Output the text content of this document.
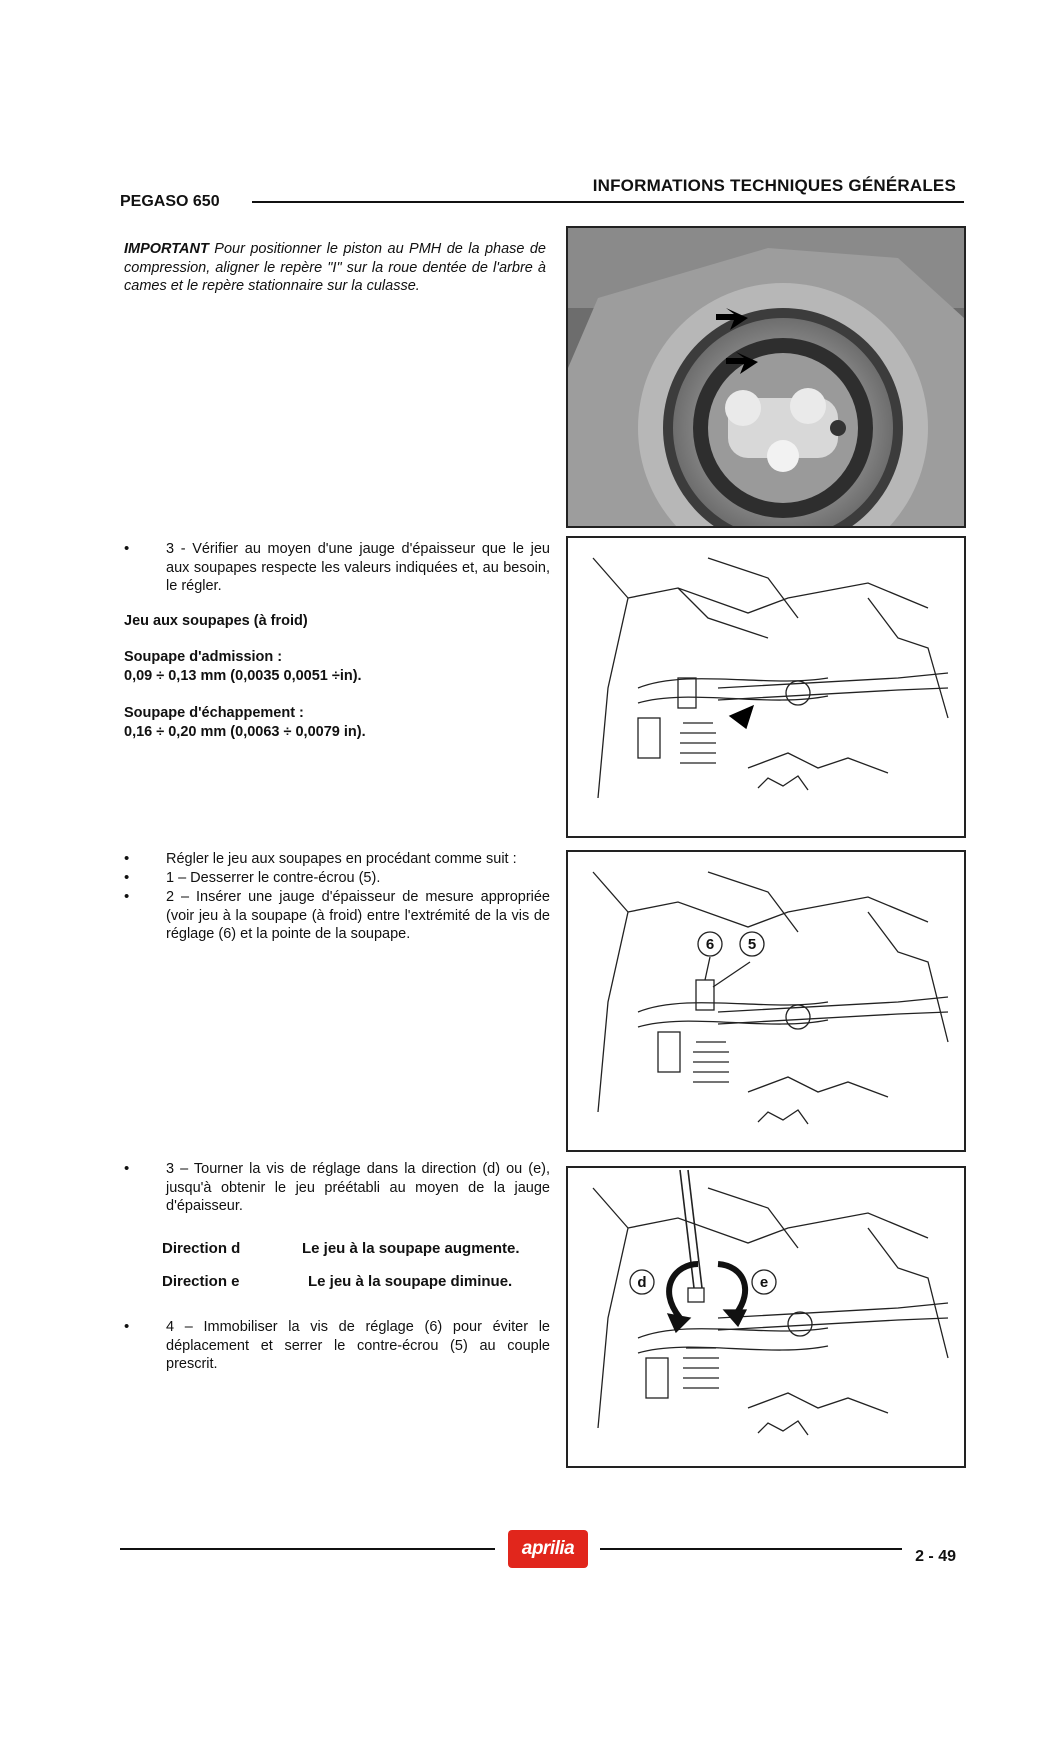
INFORMATIONS TECHNIQUES GÉNÉRALES
PEGASO 650
IMPORTANT Pour positionner le piston au PMH de la phase de compression, aligner le repère "I" sur la roue dentée de l'arbre à cames et le repère stationnaire sur la culasse.
•	3 - Vérifier au moyen d'une jauge d'épaisseur que le jeu aux soupapes respecte les valeurs indiquées et, au besoin, le régler.
Jeu aux soupapes (à froid)
Soupape d'admission :
0,09 ÷ 0,13 mm (0,0035 0,0051 ÷in).
Soupape d'échappement :
0,16 ÷ 0,20 mm (0,0063 ÷ 0,0079 in).
•	Régler le jeu aux soupapes en procédant comme suit :
•	1 – Desserrer le contre-écrou (5).
•	2 – Insérer une jauge d'épaisseur de mesure appropriée (voir jeu à la soupape (à froid) entre l'extrémité de la vis de réglage (6) et la pointe de la soupape.
6 5
•	3 – Tourner la vis de réglage dans la direction (d) ou (e), jusqu'à obtenir le jeu préétabli au moyen de la jauge d'épaisseur.
Direction d	Le jeu à la soupape augmente.
Direction e	Le jeu à la soupape diminue.
•	4 – Immobiliser la vis de réglage (6) pour éviter le déplacement et serrer le contre-écrou (5) au couple prescrit.
d	e
aprilia	2 - 49
